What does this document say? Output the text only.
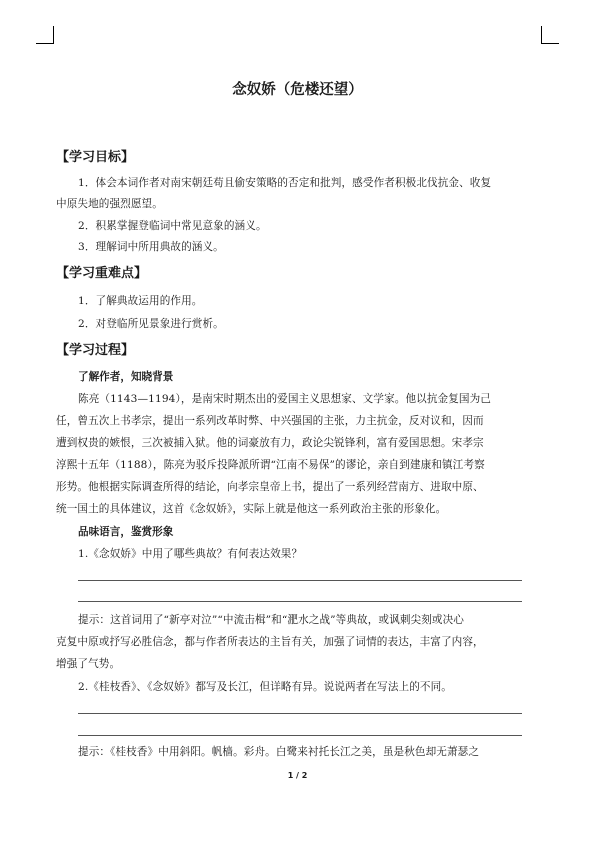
念奴娇（危楼还望）
【学习目标】
1．体会本词作者对南宋朝廷苟且偷安策略的否定和批判，感受作者积极北伐抗金、收复
中原失地的强烈愿望。
2．积累掌握登临词中常见意象的涵义。
3．理解词中所用典故的涵义。
【学习重难点】
1．了解典故运用的作用。
2．对登临所见景象进行赏析。
【学习过程】
了解作者，知晓背景
陈亮（1143—1194），是南宋时期杰出的爱国主义思想家、文学家。他以抗金复国为己
任，曾五次上书孝宗，提出一系列改革时弊、中兴强国的主张，力主抗金，反对议和，因而
遭到权贵的嫉恨，三次被捕入狱。他的词豪放有力，政论尖锐锋利，富有爱国思想。宋孝宗
淳熙十五年（1188），陈亮为驳斥投降派所谓“江南不易保”的谬论，亲自到建康和镇江考察
形势。他根据实际调查所得的结论，向孝宗皇帝上书，提出了一系列经营南方、进取中原、
统一国土的具体建议，这首《念奴娇》，实际上就是他这一系列政治主张的形象化。
品味语言，鉴赏形象
1.《念奴娇》中用了哪些典故？有何表达效果？
提示：这首词用了“新亭对泣”“中流击楫”和“淝水之战”等典故，或讽刺尖刻或决心
克复中原或抒写必胜信念，都与作者所表达的主旨有关，加强了词情的表达，丰富了内容，
增强了气势。
2.《桂枝香》、《念奴娇》都写及长江，但详略有异。说说两者在写法上的不同。
提示：《桂枝香》中用斜阳。帆樯。彩舟。白鹭来衬托长江之美，虽是秋色却无萧瑟之
1 / 2
